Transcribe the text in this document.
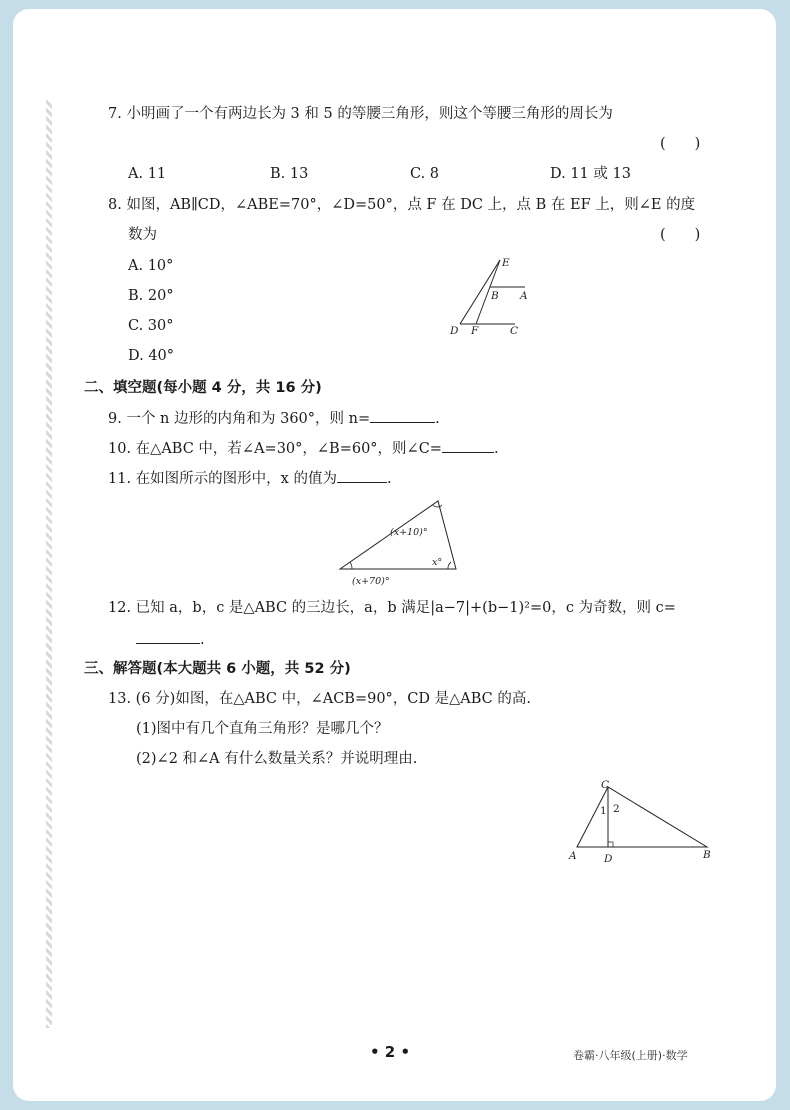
7. 小明画了一个有两边长为 3 和 5 的等腰三角形，则这个等腰三角形的周长为
(　　)
A. 11	B. 13	C. 8	D. 11 或 13
8. 如图，AB∥CD，∠ABE=70°，∠D=50°，点 F 在 DC 上，点 B 在 EF 上，则∠E 的度
数为	(　　)
A. 10°
B. 20°
C. 30°
D. 40°
E
B A
D F	C
二、填空题(每小题 4 分，共 16 分)
9. 一个 n 边形的内角和为 360°，则 n=	.
10. 在△ABC 中，若∠A=30°，∠B=60°，则∠C=	.
11. 在如图所示的图形中，x 的值为	.
(x+10)°
x°
(x+70)°
12. 已知 a，b，c 是△ABC 的三边长，a，b 满足|a−7|+(b−1)²=0，c 为奇数，则 c=
.
三、解答题(本大题共 6 小题，共 52 分)
13. (6 分)如图，在△ABC 中，∠ACB=90°，CD 是△ABC 的高.
(1)图中有几个直角三角形？是哪几个？
(2)∠2 和∠A 有什么数量关系？并说明理由.
C
1 2
A	D	B
• 2 •	卷霸·八年级(上册)·数学
